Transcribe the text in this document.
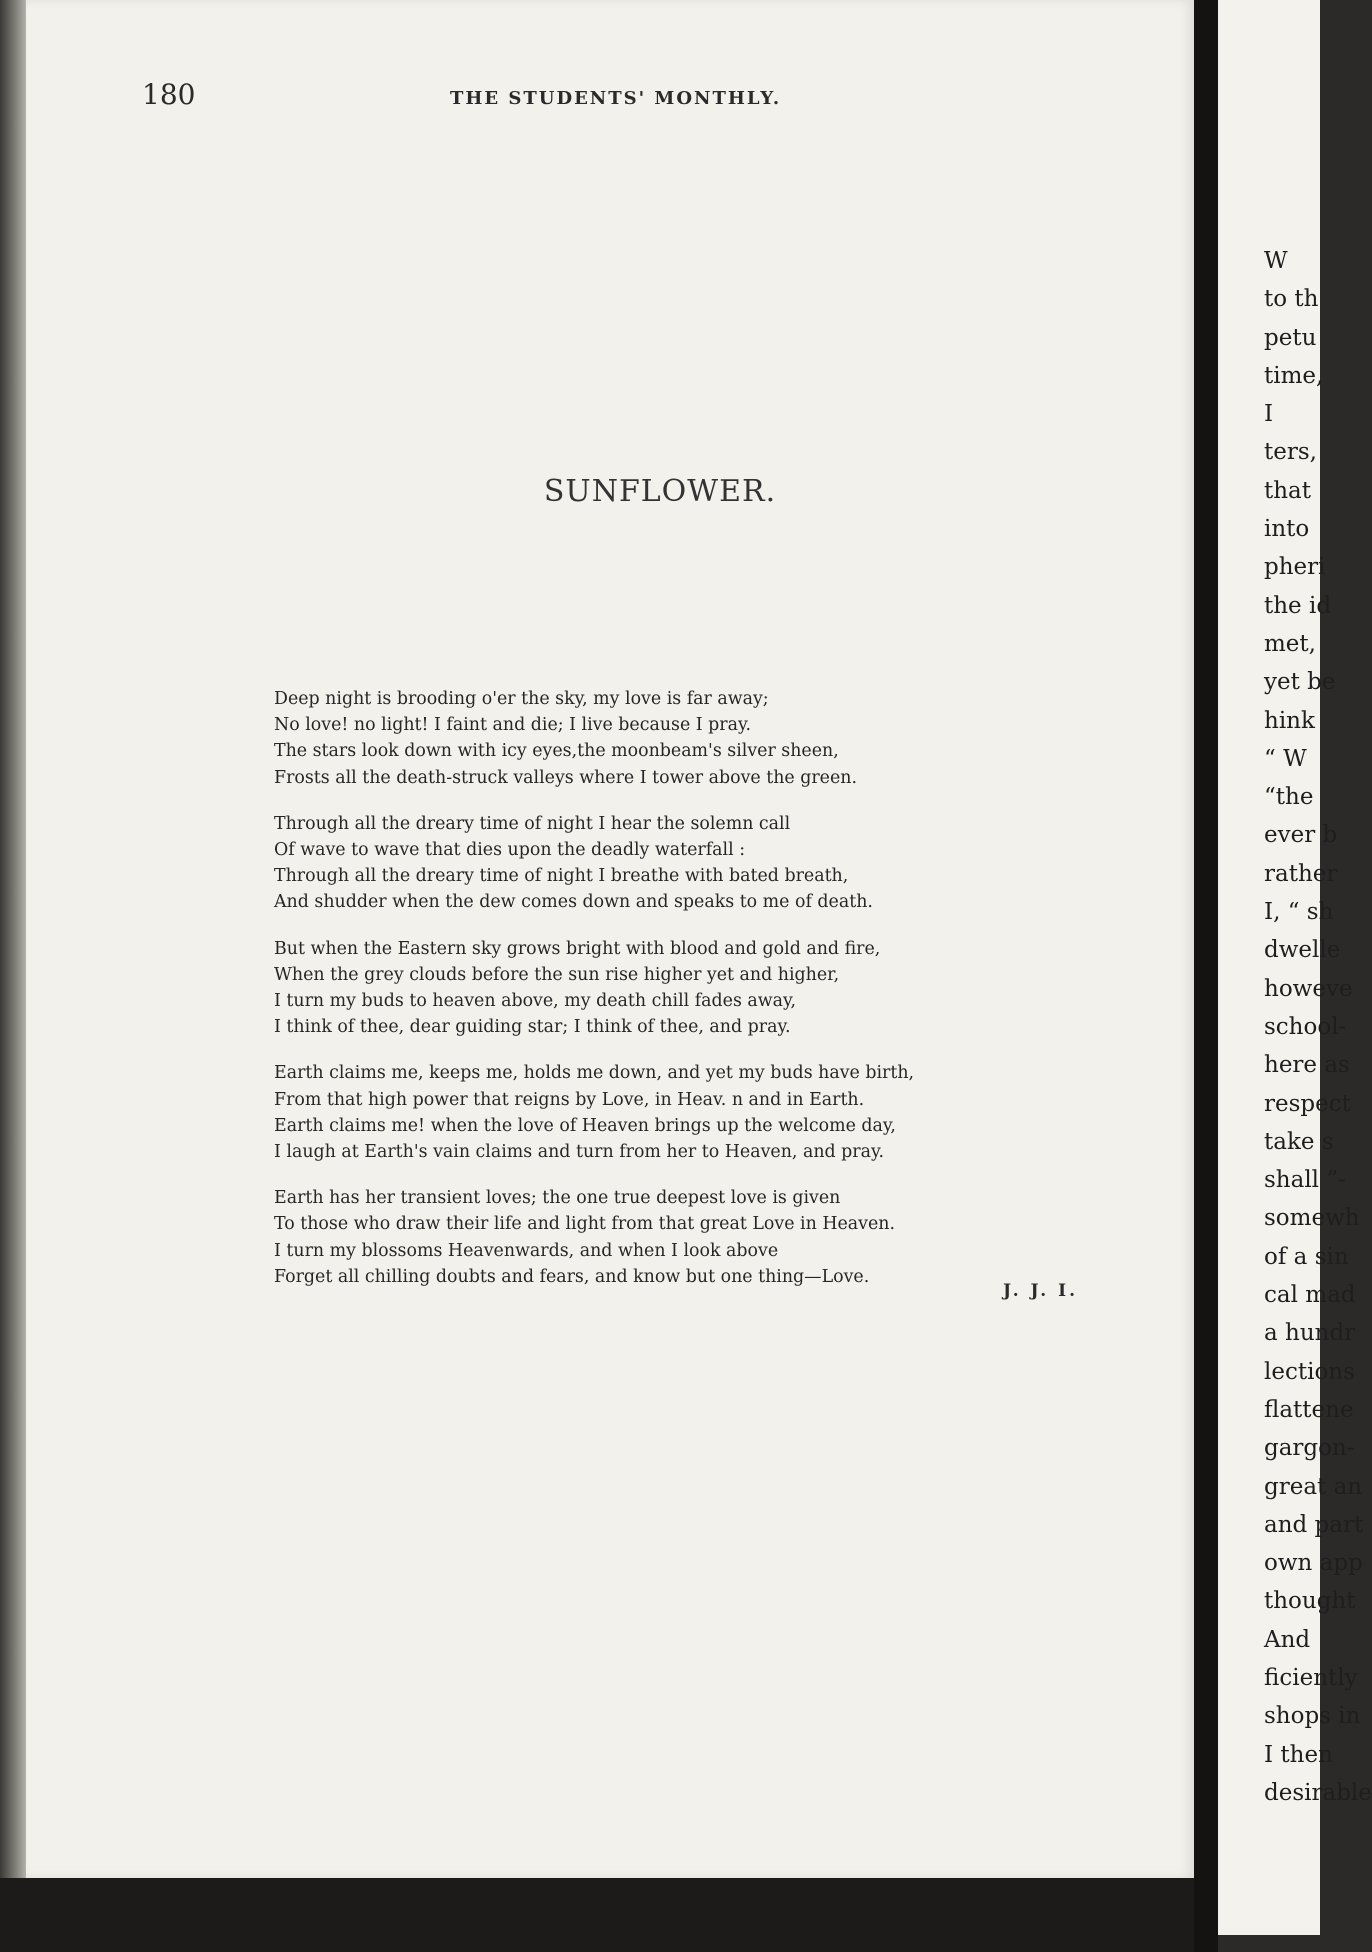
180	THE STUDENTS' MONTHLY.

SUNFLOWER.
Deep night is brooding o'er the sky, my love is far away;
No love! no light! I faint and die; I live because I pray.
The stars look down with icy eyes,the moonbeam's silver sheen,
Frosts all the death-struck valleys where I tower above the green.
Through all the dreary time of night I hear the solemn call
Of wave to wave that dies upon the deadly waterfall :
Through all the dreary time of night I breathe with bated breath,
And shudder when the dew comes down and speaks to me of death.
But when the Eastern sky grows bright with blood and gold and fire,
When the grey clouds before the sun rise higher yet and higher,
I turn my buds to heaven above, my death chill fades away,
I think of thee, dear guiding star; I think of thee, and pray.
Earth claims me, keeps me, holds me down, and yet my buds have birth,
From that high power that reigns by Love, in Heav. n and in Earth.
Earth claims me! when the love of Heaven brings up the welcome day,
I laugh at Earth's vain claims and turn from her to Heaven, and pray.
Earth has her transient loves; the one true deepest love is given
To those who draw their life and light from that great Love in Heaven.
I turn my blossoms Heavenwards, and when I look above
Forget all chilling doubts and fears, and know but one thing—Love.

J. J. I.

W
to th
petu
time,
I
ters,
that
into
pheri
the id
met,
yet be
hink
“ W
“the
ever b
rather
I, “ sh
dwelle
howeve
school-
here as
respect
take s
shall ”-
somewh
of a sin
cal mad
a hundr
lections
flattene
gargon-
great an
and part
own app
thought
And
ficiently
shops in
I then
desirable
